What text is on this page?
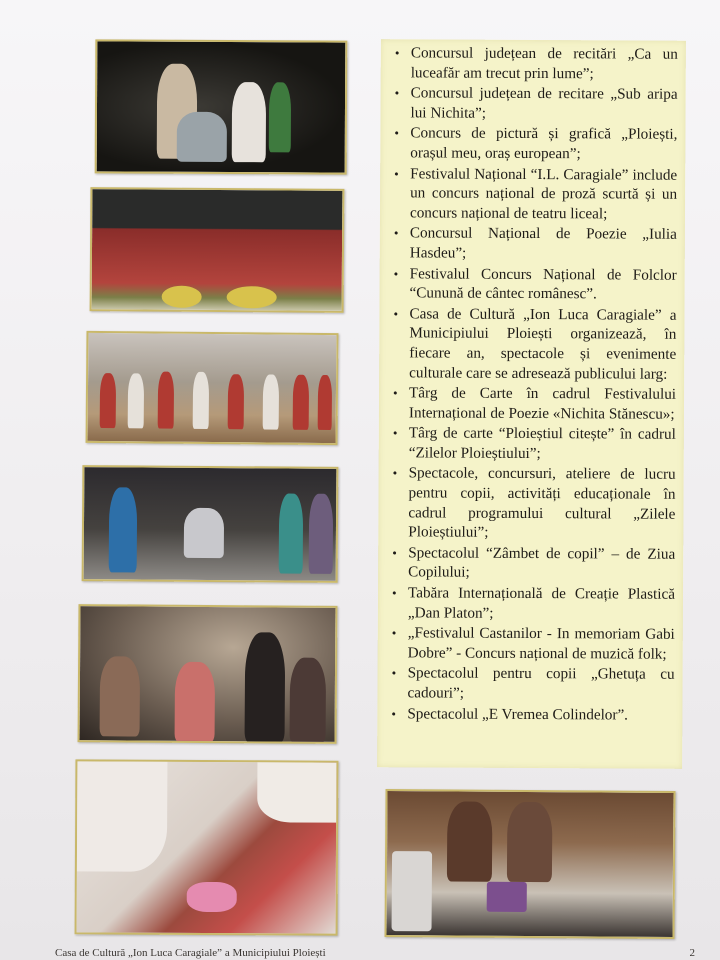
• Concursul județean de recitări „Ca un luceafăr am trecut prin lume”;
• Concursul județean de recitare „Sub aripa lui Nichita”;
• Concurs de pictură și grafică „Ploiești, orașul meu, oraș european”;
• Festivalul Național “I.L. Caragiale” include un concurs național de proză scurtă și un concurs național de teatru liceal;
• Concursul Național de Poezie „Iulia Hasdeu”;
• Festivalul Concurs Național de Folclor “Cunună de cântec românesc”.
• Casa de Cultură „Ion Luca Caragiale” a Municipiului Ploiești organizează, în fiecare an, spectacole și evenimente culturale care se adresează publicului larg:
• Târg de Carte în cadrul Festivalului Internațional de Poezie «Nichita Stănescu»;
• Târg de carte “Ploieștiul citește” în cadrul “Zilelor Ploieștiului”;
• Spectacole, concursuri, ateliere de lucru pentru copii, activități educaționale în cadrul programului cultural „Zilele Ploieștiului”;
• Spectacolul “Zâmbet de copil” – de Ziua Copilului;
• Tabăra Internațională de Creație Plastică „Dan Platon”;
• „Festivalul Castanilor - In memoriam Gabi Dobre” - Concurs național de muzică folk;
• Spectacolul pentru copii „Ghetuța cu cadouri”;
• Spectacolul „E Vremea Colindelor”.
Casa de Cultură „Ion Luca Caragiale” a Municipiului Ploiești	2
